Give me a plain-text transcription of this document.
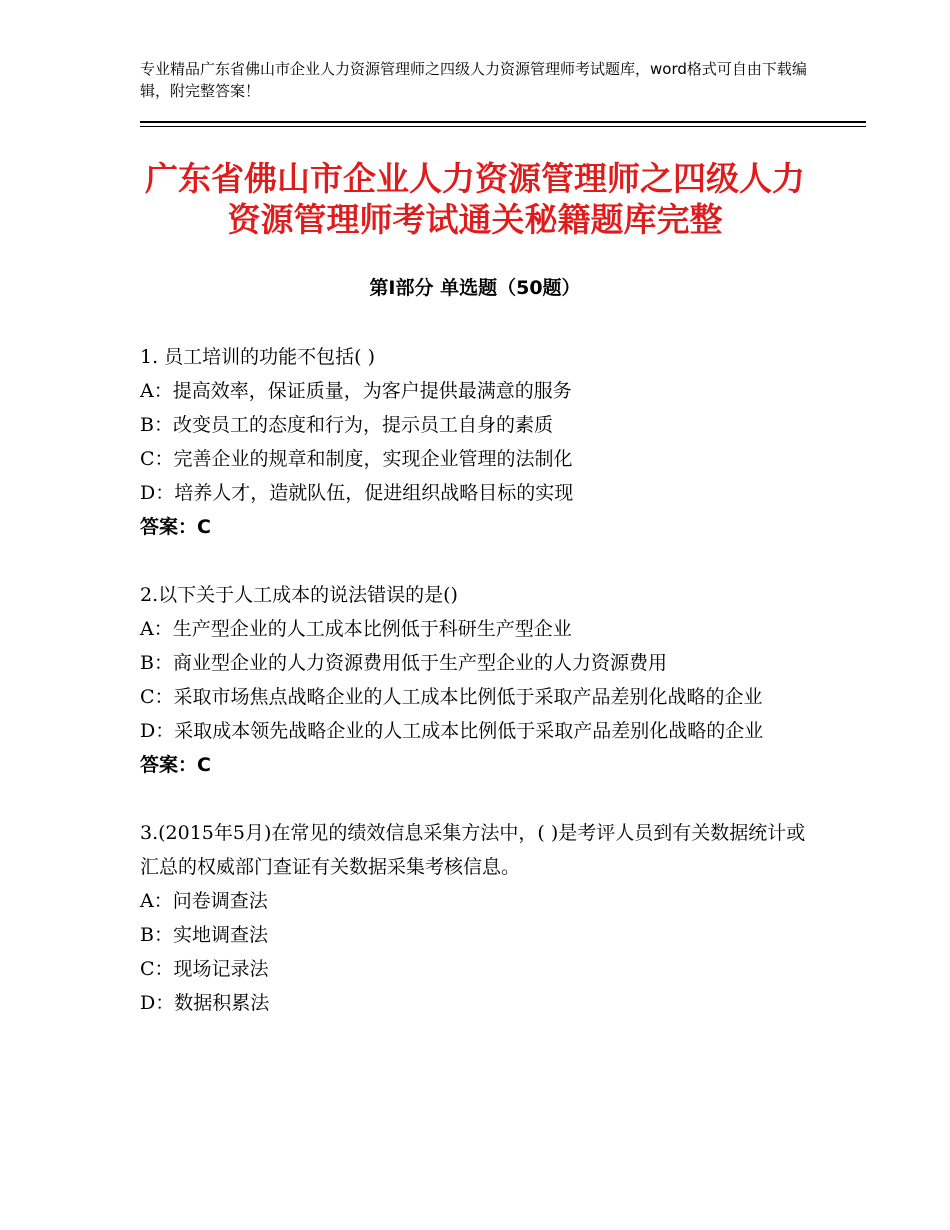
专业精品广东省佛山市企业人力资源管理师之四级人力资源管理师考试题库，word格式可自由下载编辑，附完整答案！
广东省佛山市企业人力资源管理师之四级人力资源管理师考试通关秘籍题库完整
第Ⅰ部分 单选题（50题）
1. 员工培训的功能不包括( )
A：提高效率，保证质量，为客户提供最满意的服务
B：改变员工的态度和行为，提示员工自身的素质
C：完善企业的规章和制度，实现企业管理的法制化
D：培养人才，造就队伍，促进组织战略目标的实现
答案：C
2.以下关于人工成本的说法错误的是()
A：生产型企业的人工成本比例低于科研生产型企业
B：商业型企业的人力资源费用低于生产型企业的人力资源费用
C：采取市场焦点战略企业的人工成本比例低于采取产品差别化战略的企业
D：采取成本领先战略企业的人工成本比例低于采取产品差别化战略的企业
答案：C
3.(2015年5月)在常见的绩效信息采集方法中，( )是考评人员到有关数据统计或汇总的权威部门查证有关数据采集考核信息。
A：问卷调查法
B：实地调查法
C：现场记录法
D：数据积累法
